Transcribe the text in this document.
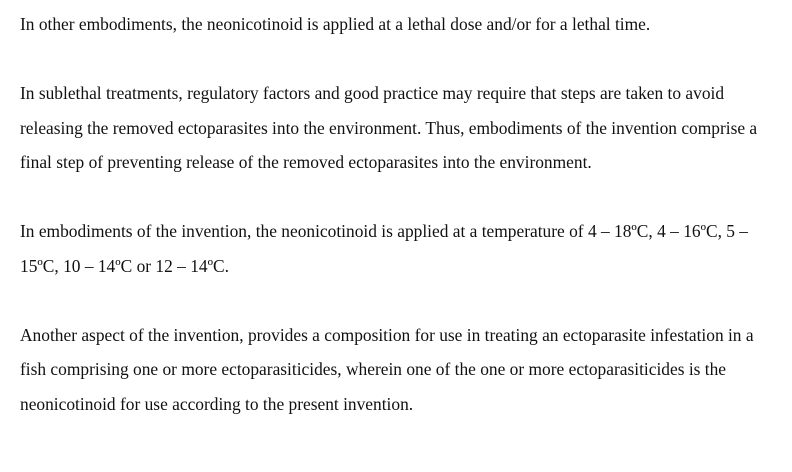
In other embodiments, the neonicotinoid is applied at a lethal dose and/or for a lethal time.

In sublethal treatments, regulatory factors and good practice may require that steps are taken to avoid releasing the removed ectoparasites into the environment. Thus, embodiments of the invention comprise a final step of preventing release of the removed ectoparasites into the environment.

In embodiments of the invention, the neonicotinoid is applied at a temperature of 4 – 18ºC, 4 – 16ºC, 5 – 15ºC, 10 – 14ºC or 12 – 14ºC.

Another aspect of the invention, provides a composition for use in treating an ectoparasite infestation in a fish comprising one or more ectoparasiticides, wherein one of the one or more ectoparasiticides is the neonicotinoid for use according to the present invention.
